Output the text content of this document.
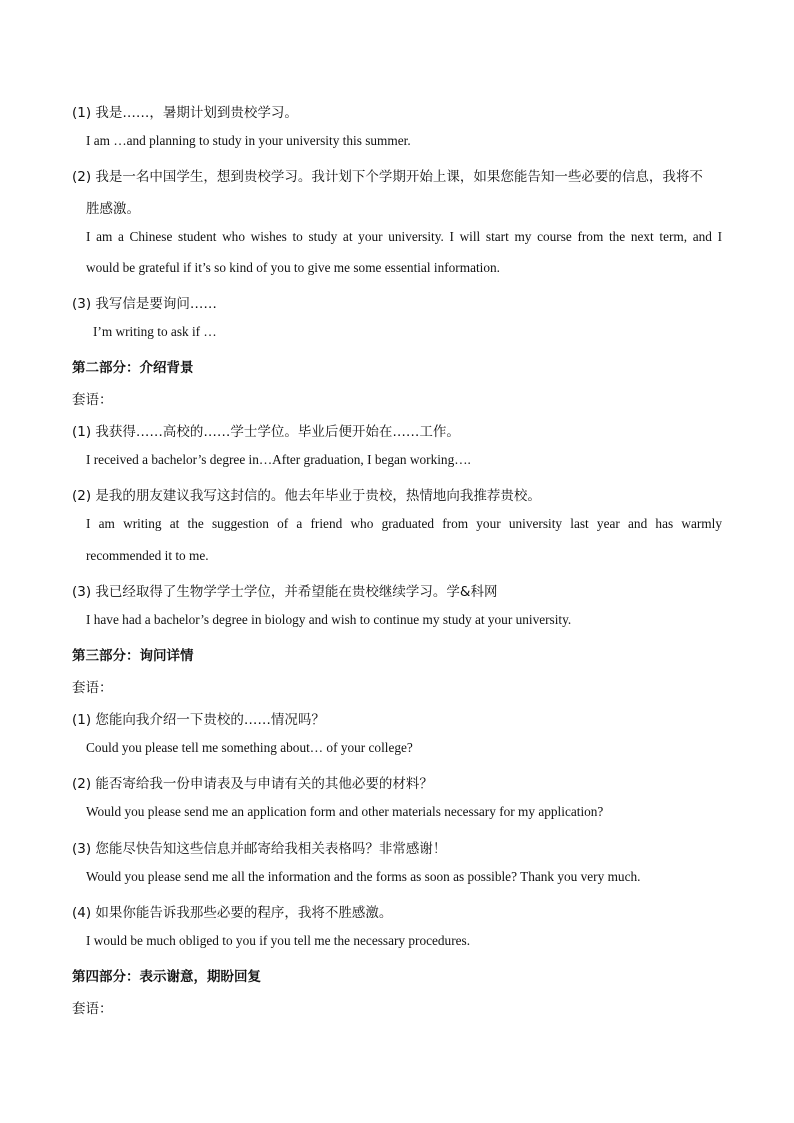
(1) 我是……，暑期计划到贵校学习。
I am …and planning to study in your university this summer.
(2) 我是一名中国学生，想到贵校学习。我计划下个学期开始上课，如果您能告知一些必要的信息，我将不
胜感激。
I am a Chinese student who wishes to study at your university. I will start my course from the next term, and I
would be grateful if it’s so kind of you to give me some essential information.
(3) 我写信是要询问……
I’m writing to ask if …
第二部分：介绍背景
套语：
(1) 我获得……高校的……学士学位。毕业后便开始在……工作。
I received a bachelor’s degree in…After graduation, I began working….
(2) 是我的朋友建议我写这封信的。他去年毕业于贵校，热情地向我推荐贵校。
I am writing at the suggestion of a friend who graduated from your university last year and has warmly
recommended it to me.
(3) 我已经取得了生物学学士学位，并希望能在贵校继续学习。学&科网
I have had a bachelor’s degree in biology and wish to continue my study at your university.
第三部分：询问详情
套语：
(1) 您能向我介绍一下贵校的……情况吗？
Could you please tell me something about… of your college?
(2) 能否寄给我一份申请表及与申请有关的其他必要的材料？
Would you please send me an application form and other materials necessary for my application?
(3) 您能尽快告知这些信息并邮寄给我相关表格吗？非常感谢！
Would you please send me all the information and the forms as soon as possible? Thank you very much.
(4) 如果你能告诉我那些必要的程序，我将不胜感激。
I would be much obliged to you if you tell me the necessary procedures.
第四部分：表示谢意，期盼回复
套语：
